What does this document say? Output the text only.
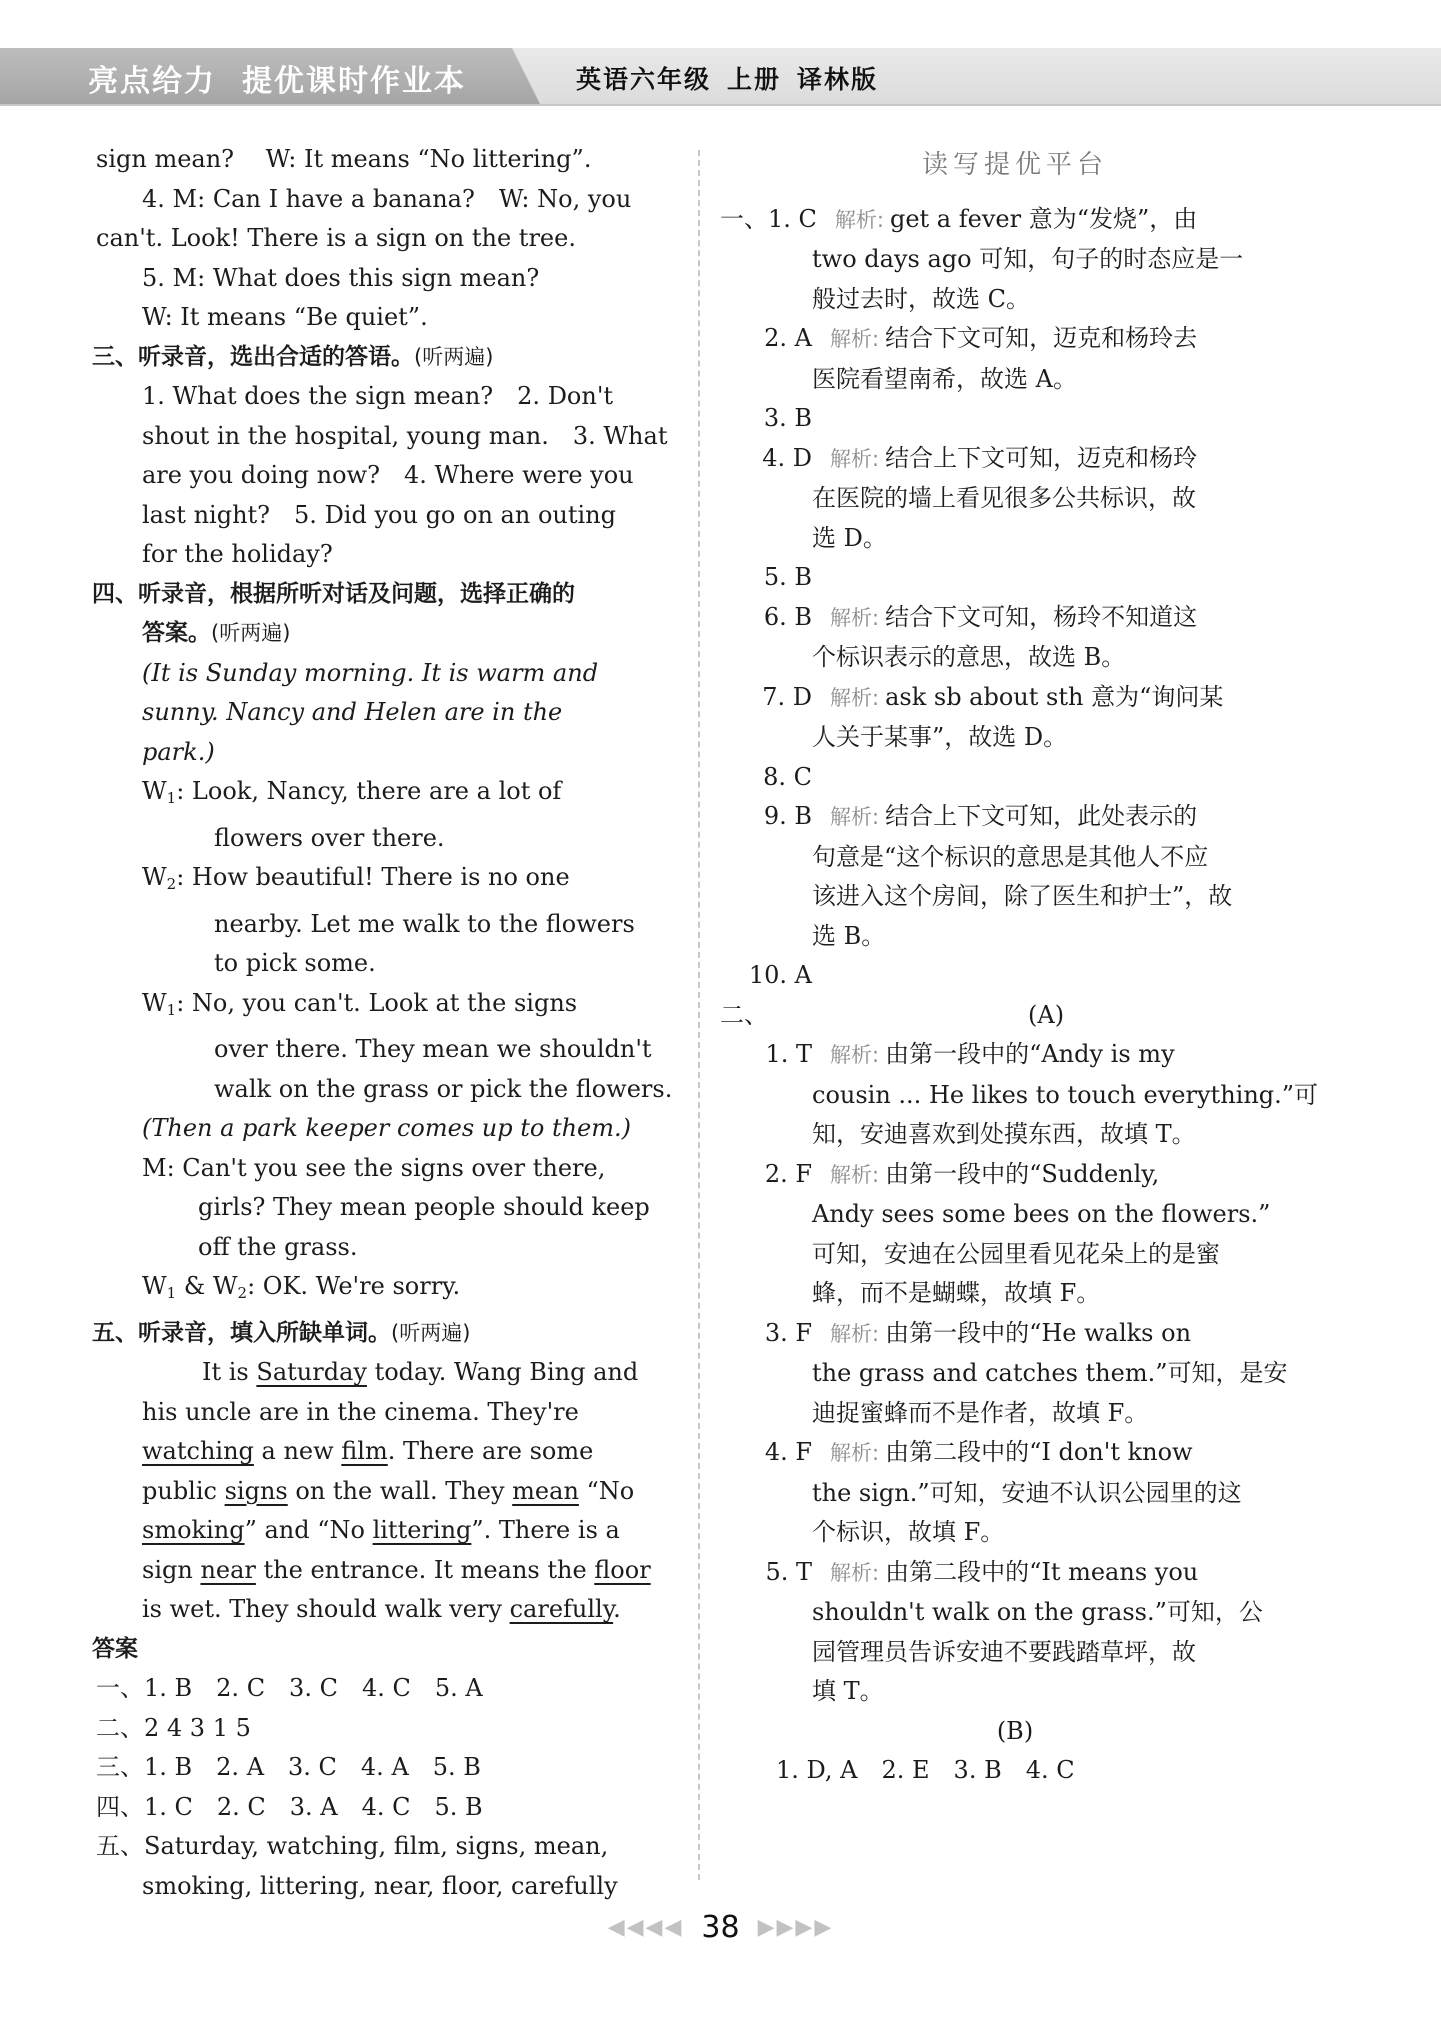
亮点给力 提优课时作业本	英语六年级 上册 译林版
sign mean?　 W: It means “No littering”.
4. M: Can I have a banana?　W: No, you
can't. Look! There is a sign on the tree.
5. M: What does this sign mean?
W: It means “Be quiet”.
三、听录音，选出合适的答语。(听两遍)
1. What does the sign mean?　2. Don't
shout in the hospital, young man.　3. What
are you doing now?　4. Where were you
last night?　5. Did you go on an outing
for the holiday?
四、听录音，根据所听对话及问题，选择正确的
答案。(听两遍)
(It is Sunday morning. It is warm and
sunny. Nancy and Helen are in the
park.)
$W_1$: Look, Nancy, there are a lot of
flowers over there.
$W_2$: How beautiful! There is no one
nearby. Let me walk to the flowers
to pick some.
$W_1$: No, you can't. Look at the signs
over there. They mean we shouldn't
walk on the grass or pick the flowers.
(Then a park keeper comes up to them.)
M: Can't you see the signs over there,
girls? They mean people should keep
off the grass.
$W_1$ & $W_2$: OK. We're sorry.
五、听录音，填入所缺单词。(听两遍)
It is Saturday today. Wang Bing and
his uncle are in the cinema. They're
watching a new film. There are some
public signs on the wall. They mean “No
smoking” and “No littering”. There is a
sign near the entrance. It means the floor
is wet. They should walk very carefully.
答案
一、1. B　2. C　3. C　4. C　5. A
二、2 4 3 1 5
三、1. B　2. A　3. C　4. A　5. B
四、1. C　2. C　3. A　4. C　5. B
五、Saturday, watching, film, signs, mean,
smoking, littering, near, floor, carefully
读写提优平台
一、1. C 解析: get a fever 意为“发烧”，由
two days ago 可知，句子的时态应是一
般过去时，故选 C。
2. A 解析: 结合下文可知，迈克和杨玲去
医院看望南希，故选 A。
3. B
4. D 解析: 结合上下文可知，迈克和杨玲
在医院的墙上看见很多公共标识，故
选 D。
5. B
6. B 解析: 结合下文可知，杨玲不知道这
个标识表示的意思，故选 B。
7. D 解析: ask sb about sth 意为“询问某
人关于某事”，故选 D。
8. C
9. B 解析: 结合上下文可知，此处表示的
句意是“这个标识的意思是其他人不应
该进入这个房间，除了医生和护士”，故
选 B。
10. A
二、	(A)
1. T 解析: 由第一段中的“Andy is my
cousin ... He likes to touch everything.”可
知，安迪喜欢到处摸东西，故填 T。
2. F 解析: 由第一段中的“Suddenly,
Andy sees some bees on the flowers.”
可知，安迪在公园里看见花朵上的是蜜
蜂，而不是蝴蝶，故填 F。
3. F 解析: 由第一段中的“He walks on
the grass and catches them.”可知，是安
迪捉蜜蜂而不是作者，故填 F。
4. F 解析: 由第二段中的“I don't know
the sign.”可知，安迪不认识公园里的这
个标识，故填 F。
5. T 解析: 由第二段中的“It means you
shouldn't walk on the grass.”可知，公
园管理员告诉安迪不要践踏草坪，故
填 T。
(B)
1. D, A　2. E　3. B　4. C
◀◀◀◀ 38 ▶▶▶▶
